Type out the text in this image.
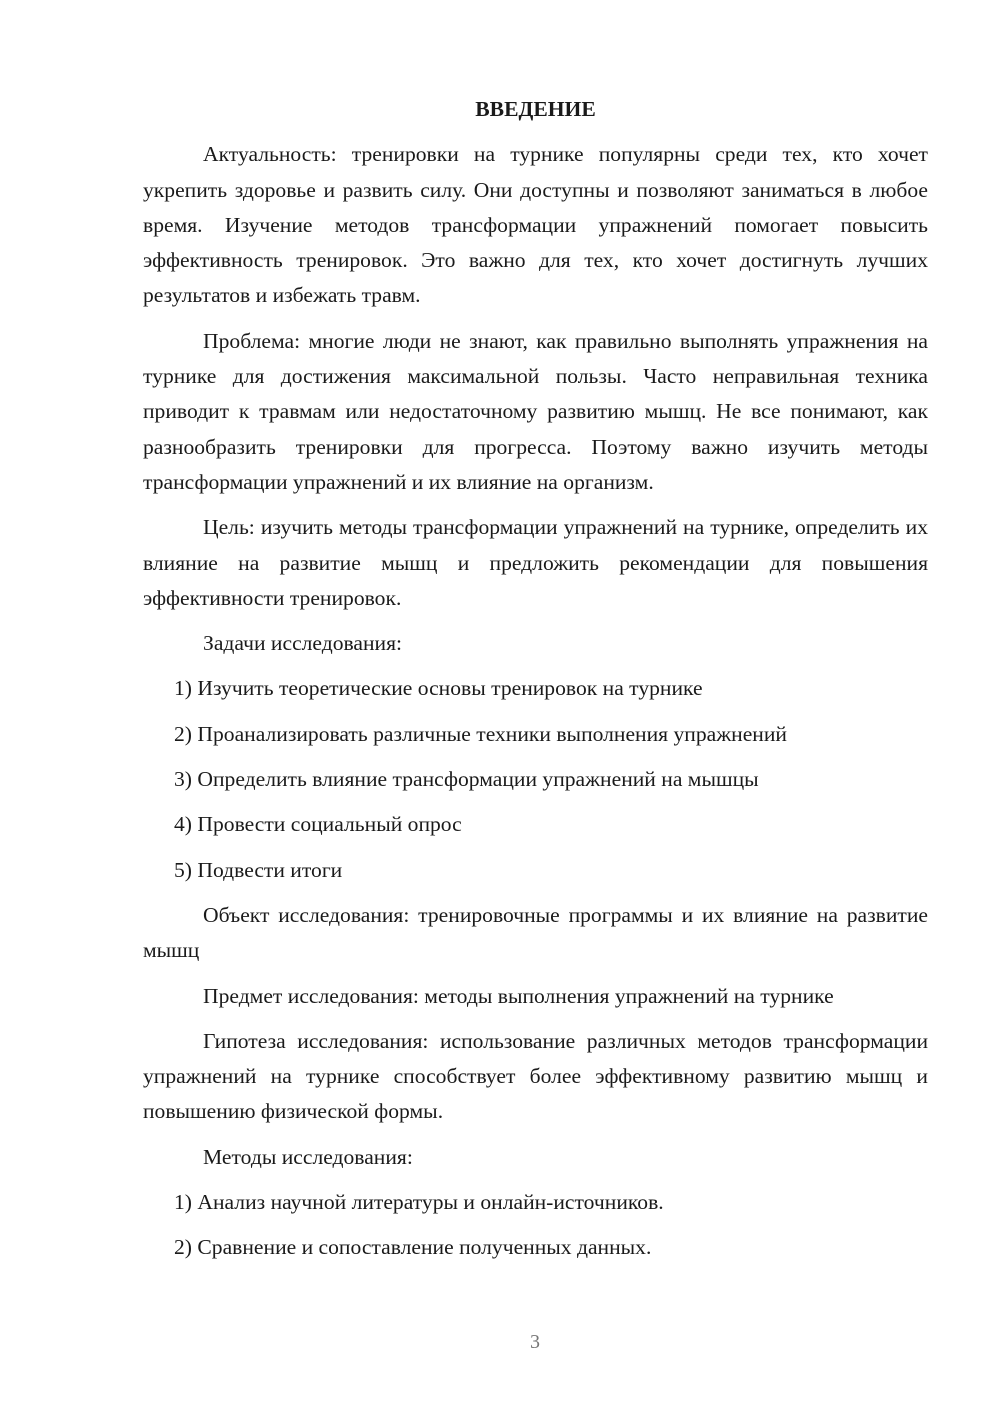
ВВЕДЕНИЕ

Актуальность: тренировки на турнике популярны среди тех, кто хочет укрепить здоровье и развить силу. Они доступны и позволяют заниматься в любое время. Изучение методов трансформации упражнений помогает повысить эффективность тренировок. Это важно для тех, кто хочет достигнуть лучших результатов и избежать травм.

Проблема: многие люди не знают, как правильно выполнять упражнения на турнике для достижения максимальной пользы. Часто неправильная техника приводит к травмам или недостаточному развитию мышц. Не все понимают, как разнообразить тренировки для прогресса. Поэтому важно изучить методы трансформации упражнений и их влияние на организм.

Цель: изучить методы трансформации упражнений на турнике, определить их влияние на развитие мышц и предложить рекомендации для повышения эффективности тренировок.

Задачи исследования:

1) Изучить теоретические основы тренировок на турнике

2) Проанализировать различные техники выполнения упражнений

3) Определить влияние трансформации упражнений на мышцы

4) Провести социальный опрос

5) Подвести итоги

Объект исследования: тренировочные программы и их влияние на развитие мышц

Предмет исследования: методы выполнения упражнений на турнике

Гипотеза исследования: использование различных методов трансформации упражнений на турнике способствует более эффективному развитию мышц и повышению физической формы.

Методы исследования:

1) Анализ научной литературы и онлайн-источников.

2) Сравнение и сопоставление полученных данных.

3
